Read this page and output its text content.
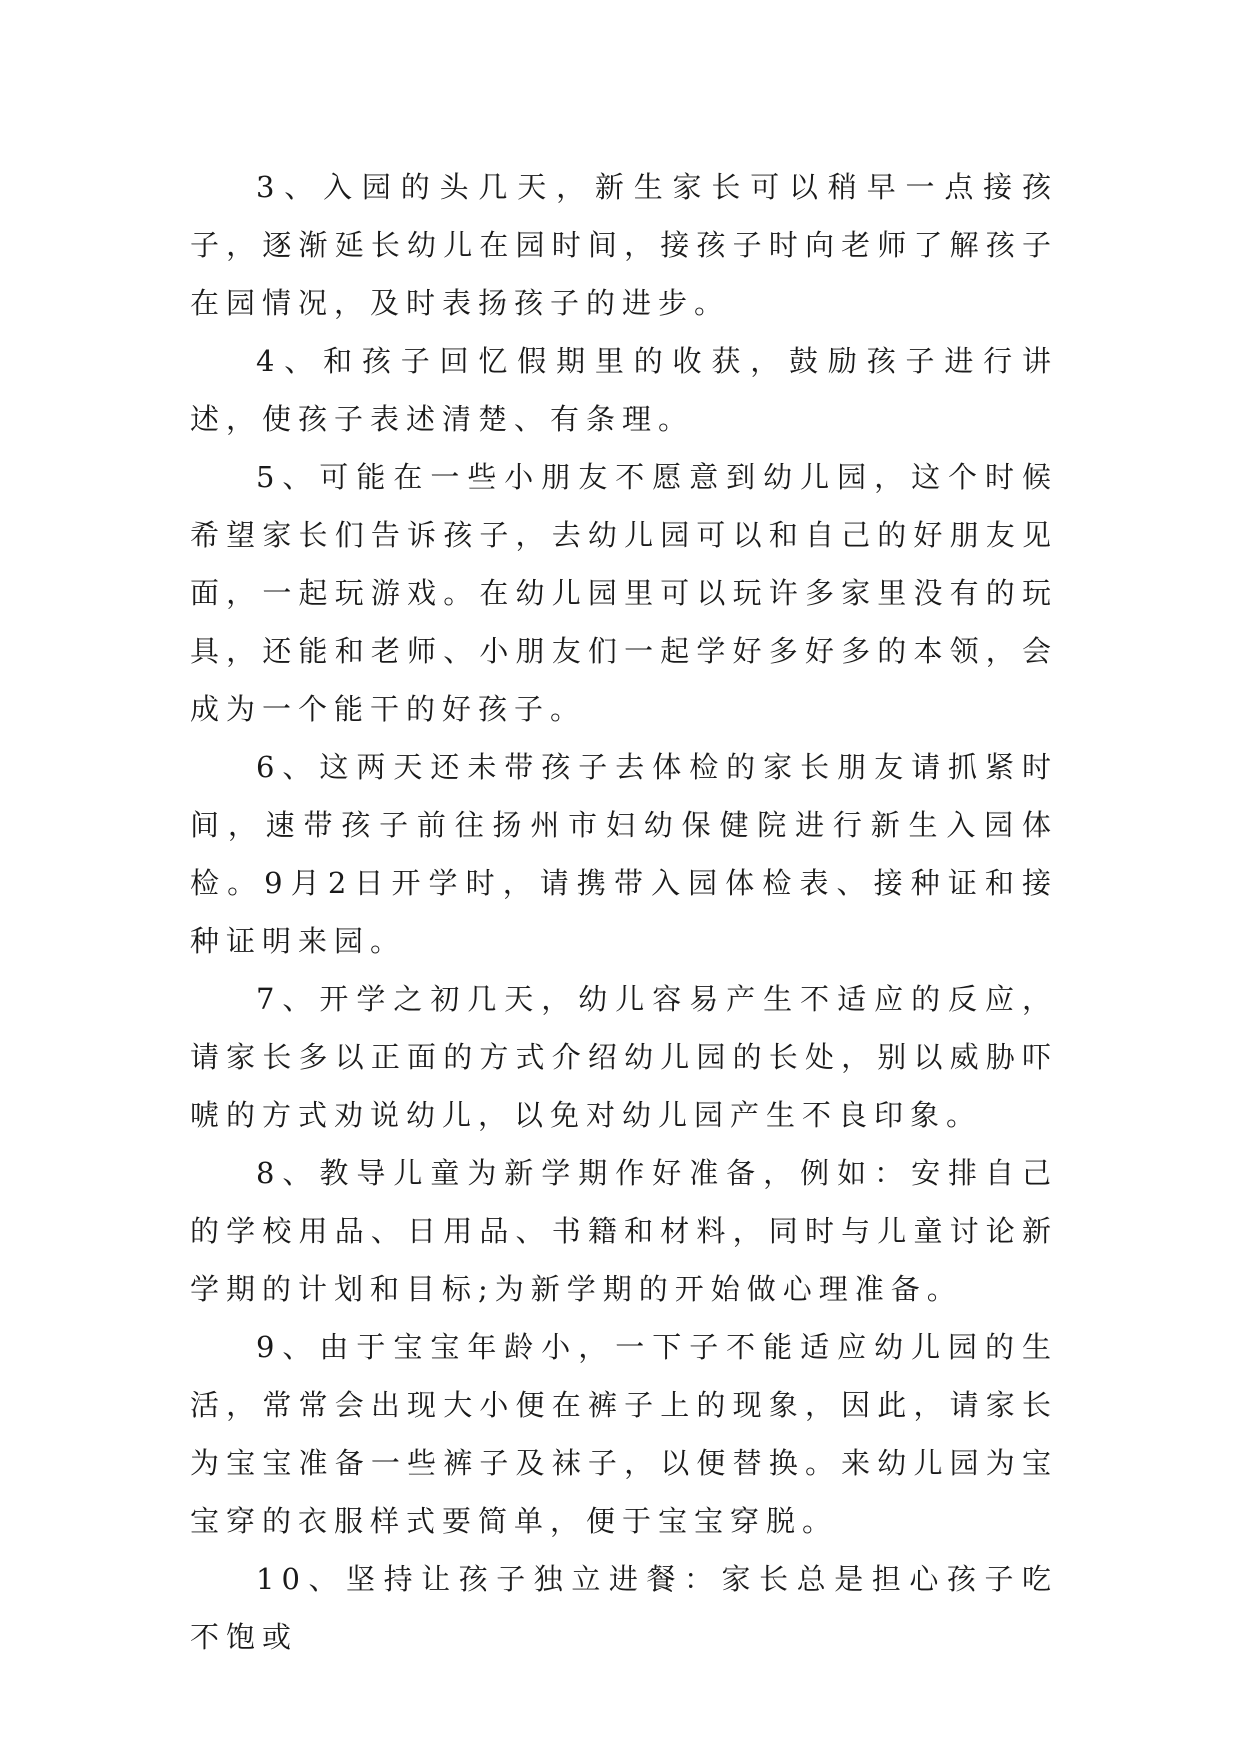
3、入园的头几天，新生家长可以稍早一点接孩子，逐渐延长幼儿在园时间，接孩子时向老师了解孩子在园情况，及时表扬孩子的进步。

4、和孩子回忆假期里的收获，鼓励孩子进行讲述，使孩子表述清楚、有条理。

5、可能在一些小朋友不愿意到幼儿园，这个时候希望家长们告诉孩子，去幼儿园可以和自己的好朋友见面，一起玩游戏。在幼儿园里可以玩许多家里没有的玩具，还能和老师、小朋友们一起学好多好多的本领，会成为一个能干的好孩子。

6、这两天还未带孩子去体检的家长朋友请抓紧时间，速带孩子前往扬州市妇幼保健院进行新生入园体检。9月2日开学时，请携带入园体检表、接种证和接种证明来园。

7、开学之初几天，幼儿容易产生不适应的反应，请家长多以正面的方式介绍幼儿园的长处，别以威胁吓唬的方式劝说幼儿，以免对幼儿园产生不良印象。

8、教导儿童为新学期作好准备，例如：安排自己的学校用品、日用品、书籍和材料，同时与儿童讨论新学期的计划和目标;为新学期的开始做心理准备。

9、由于宝宝年龄小，一下子不能适应幼儿园的生活，常常会出现大小便在裤子上的现象，因此，请家长为宝宝准备一些裤子及袜子，以便替换。来幼儿园为宝宝穿的衣服样式要简单，便于宝宝穿脱。

10、坚持让孩子独立进餐：家长总是担心孩子吃不饱或
